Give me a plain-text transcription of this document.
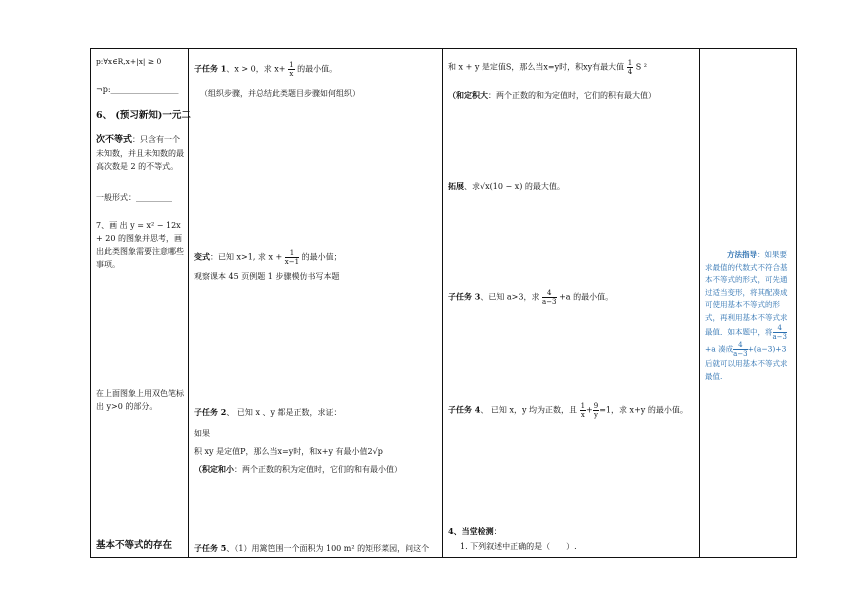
p:∀x∈R,x+|x| ≥ 0
¬p:_________________
6、 (预习新知)一元二
次不等式：只含有一个未知数，并且未知数的最高次数是 2 的不等式。
一般形式：_________
7、画 出 y = x² − 12x + 20 的图象并思考，画出此类图象需要注意哪些事项。
在上面图象上用双色笔标出 y>0 的部分。
基本不等式的存在
子任务 1、x > 0，求 $x+ \frac{1}{x}$ 的最小值。
（组织步骤，并总结此类题目步骤如何组织）
变式：已知 x>1, 求 $x + \frac{1}{x-1}$ 的最小值；
观察课本 45 页例题 1 步骤模仿书写本题
子任务 2、 已知 x 、y 都是正数，求证：
如果
积 xy 是定值P，那么当x=y时，和x+y 有最小值2√p
（积定和小：两个正数的积为定值时，它们的和有最小值）
子任务 5、（1）用篱笆围一个面积为 100 m² 的矩形菜园，问这个
和 x + y 是定值S，那么当x=y时，积xy有最大值 $\frac{1}{4}$ S ²
（和定积大：两个正数的和为定值时，它们的积有最大值）
拓展、求√x(10 − x) 的最大值。
子任务 3、已知 a>3，求 $\frac{4}{a-3} +a$ 的最小值。
子任务 4、 已知 x，y 均为正数，且 $\frac{1}{x} + \frac{9}{y} =1$，求 x+y 的最小值。
4、当堂检测：
1. 下列叙述中正确的是（　　）.
方法指导：如果要求最值的代数式不符合基本不等式的形式，可先通过适当变形，将其配凑成可使用基本不等式的形式，再利用基本不等式求最值．如本题中，将 $\frac{4}{a-3}$
+a 凑成 $\frac{4}{a-3} +(a-3)+3$ 后就可以用基本不等式求最值.
